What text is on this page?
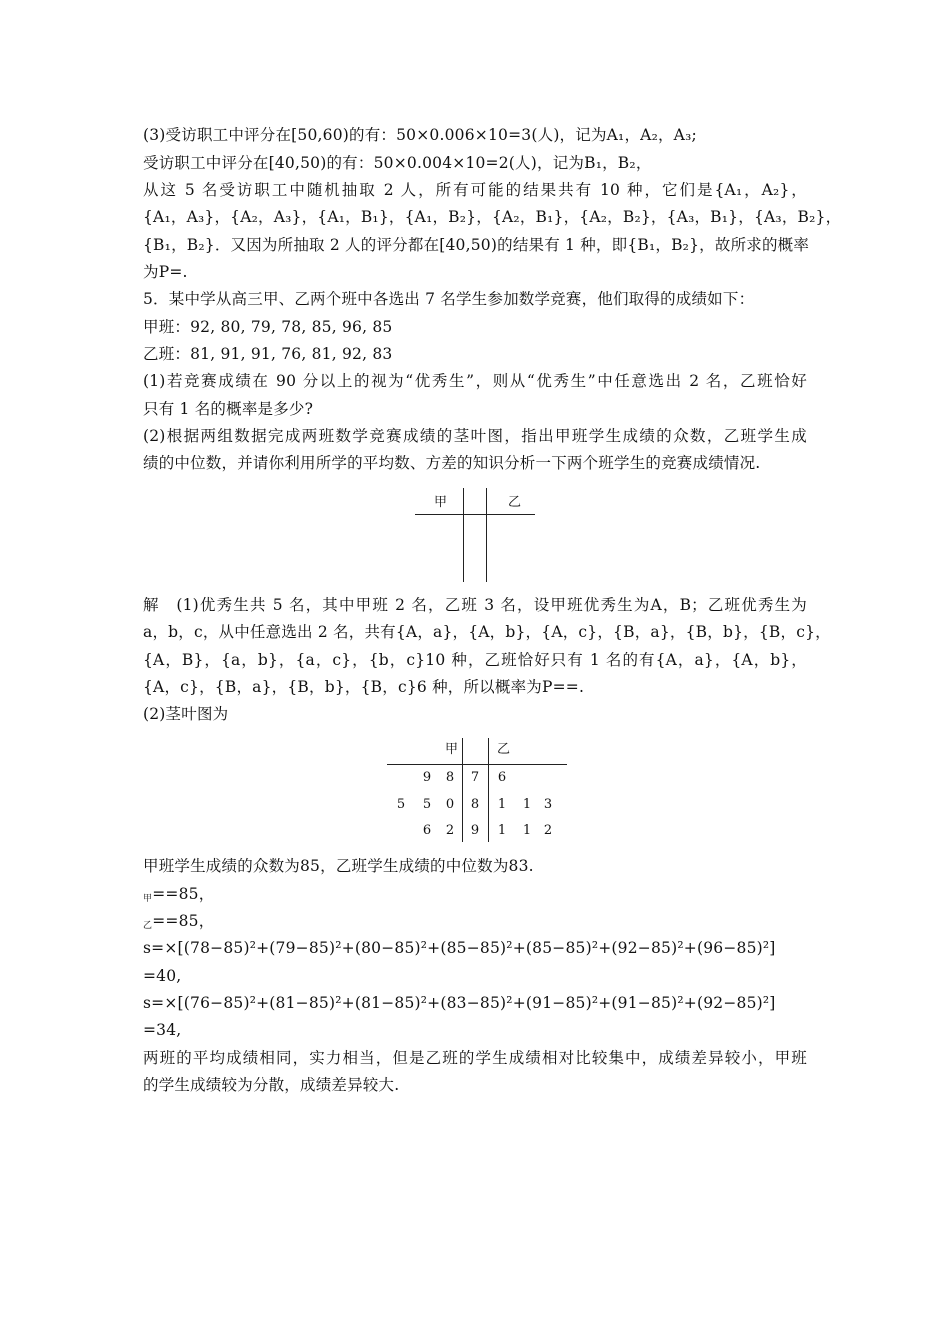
(3)受访职工中评分在[50,60)的有：50×0.006×10=3(人)，记为A₁，A₂，A₃;
受访职工中评分在[40,50)的有：50×0.004×10=2(人)，记为B₁，B₂，
从这 5 名受访职工中随机抽取 2 人，所有可能的结果共有 10 种，它们是{A₁，A₂}，
{A₁，A₃}，{A₂，A₃}，{A₁，B₁}，{A₁，B₂}，{A₂，B₁}，{A₂，B₂}，{A₃，B₁}，{A₃，B₂}，
{B₁，B₂}．又因为所抽取 2 人的评分都在[40,50)的结果有 1 种，即{B₁，B₂}，故所求的概率
为P=.
5．某中学从高三甲、乙两个班中各选出 7 名学生参加数学竞赛，他们取得的成绩如下：
甲班：92, 80, 79, 78, 85, 96, 85
乙班：81, 91, 91, 76, 81, 92, 83
(1)若竞赛成绩在 90 分以上的视为“优秀生”，则从“优秀生”中任意选出 2 名，乙班恰好
只有 1 名的概率是多少?
(2)根据两组数据完成两班数学竞赛成绩的茎叶图，指出甲班学生成绩的众数，乙班学生成
绩的中位数，并请你利用所学的平均数、方差的知识分析一下两个班学生的竞赛成绩情况.
甲	乙
解　(1)优秀生共 5 名，其中甲班 2 名，乙班 3 名，设甲班优秀生为A，B；乙班优秀生为
a，b，c，从中任意选出 2 名，共有{A，a}，{A，b}，{A，c}，{B，a}，{B，b}，{B，c}，
{A，B}，{a，b}，{a，c}，{b，c}10 种，乙班恰好只有 1 名的有{A，a}，{A，b}，
{A，c}，{B，a}，{B，b}，{B，c}6 种，所以概率为P==.
(2)茎叶图为
甲	乙
9 8 7 6
5 5 0 8 1 1 3
6 2 9 1 1 2
甲班学生成绩的众数为85，乙班学生成绩的中位数为83.
甲==85，
乙==85，
s=×[(78−85)²+(79−85)²+(80−85)²+(85−85)²+(85−85)²+(92−85)²+(96−85)²]
=40,
s=×[(76−85)²+(81−85)²+(81−85)²+(83−85)²+(91−85)²+(91−85)²+(92−85)²]
=34,
两班的平均成绩相同，实力相当，但是乙班的学生成绩相对比较集中，成绩差异较小，甲班
的学生成绩较为分散，成绩差异较大.
